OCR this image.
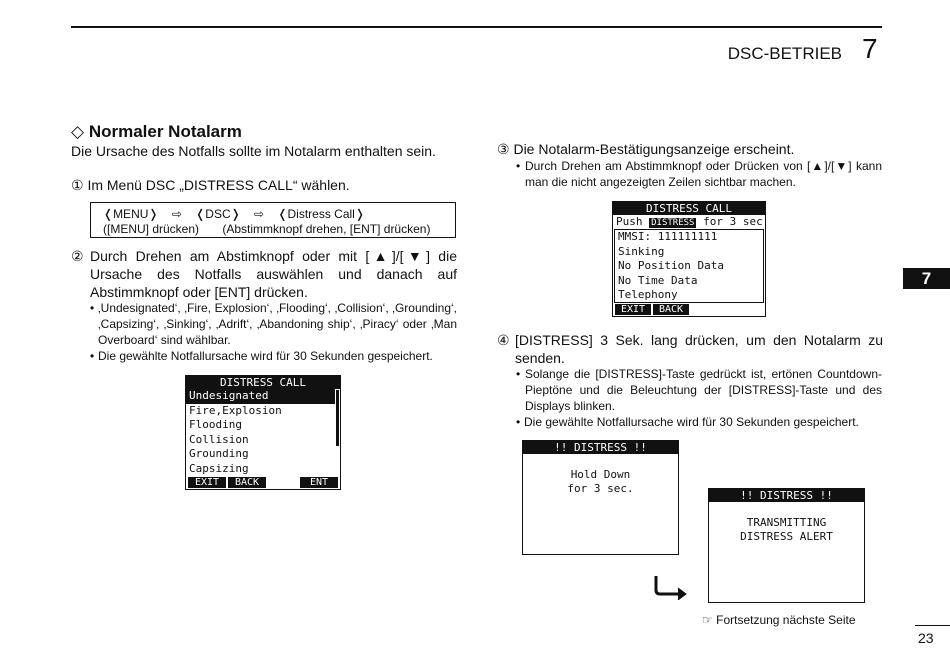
DSC-BETRIEB 7
7
◇ Normaler Notalarm
Die Ursache des Notfalls sollte im Notalarm enthalten sein.
① Im Menü DSC „DISTRESS CALL“ wählen.
❬MENU❭ ⇨ ❬DSC❭ ⇨ ❬Distress Call❭
([MENU] drücken) (Abstimmknopf drehen, [ENT] drücken)
② Durch Drehen am Abstimknopf oder mit [▲]/[▼] die Ursache des Notfalls auswählen und danach auf Abstimmknopf oder [ENT] drücken.
• ‚Undesignated‘, ‚Fire, Explosion‘, ‚Flooding‘, ‚Collision‘, ‚Grounding‘, ‚Capsizing‘, ‚Sinking‘, ‚Adrift‘, ‚Abandoning ship‘, ‚Piracy‘ oder ‚Man Overboard‘ sind wählbar.
• Die gewählte Notfallursache wird für 30 Sekunden gespeichert.
DISTRESS CALL
Undesignated
Fire,Explosion
Flooding
Collision
Grounding
Capsizing
EXIT	BACK	ENT
③ Die Notalarm-Bestätigungsanzeige erscheint.
• Durch Drehen am Abstimmknopf oder Drücken von [▲]/[▼] kann man die nicht angezeigten Zeilen sichtbar machen.
DISTRESS CALL
Push DISTRESS for 3 sec
MMSI: 111111111
Sinking
No Position Data
No Time Data
Telephony
EXIT	BACK
④ [DISTRESS] 3 Sek. lang drücken, um den Notalarm zu senden.
• Solange die [DISTRESS]-Taste gedrückt ist, ertönen Countdown-Pieptöne und die Beleuchtung der [DISTRESS]-Taste und des Displays blinken.
• Die gewählte Notfallursache wird für 30 Sekunden gespeichert.
!! DISTRESS !!
Hold Down
for 3 sec.
!! DISTRESS !!
TRANSMITTING
DISTRESS ALERT
☞ Fortsetzung nächste Seite
23
